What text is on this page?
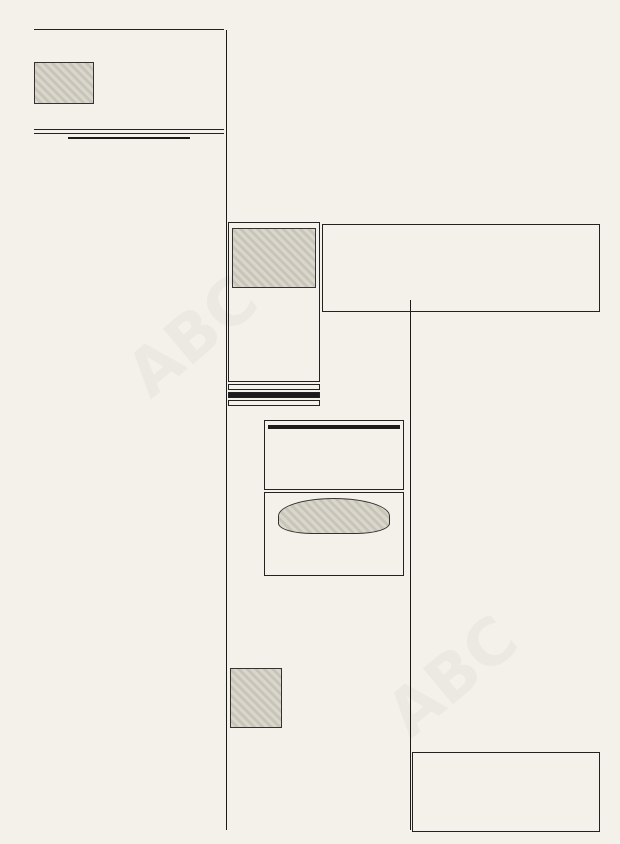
ABC
ABC
